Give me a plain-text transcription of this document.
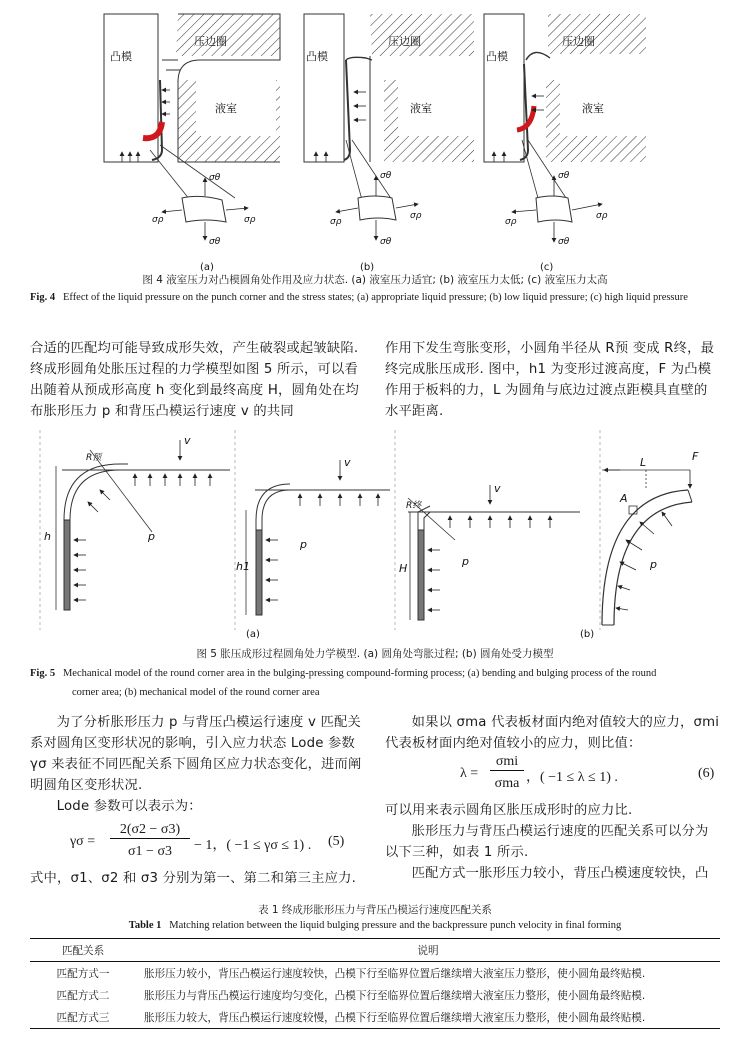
凸模
压边圈
液室
(a)
凸模
压边圈
液室
(b)
凸模
压边圈
液室
(c)
σθ
σθ
σρ	σρ
σθ
σθ
σρ
σρ
σθ
σθ
σρ
σρ
图 4 液室压力对凸模圆角处作用及应力状态. (a) 液室压力适宜; (b) 液室压力太低; (c) 液室压力太高
Fig. 4 Effect of the liquid pressure on the punch corner and the stress states; (a) appropriate liquid pressure; (b) low liquid pressure; (c) high liquid pressure
合适的匹配均可能导致成形失效，产生破裂或起皱缺陷. 终成形圆角处胀压过程的力学模型如图 5 所示，可以看出随着从预成形高度 h 变化到最终高度 H，圆角处在均布胀形压力 p 和背压凸模运行速度 v 的共同
作用下发生弯胀变形，小圆角半径从 R预 变成 R终，最终完成胀压成形. 图中，h1 为变形过渡高度，F 为凸模作用于板料的力，L 为圆角与底边过渡点距模具直壁的水平距离.
R预
v
p
h
v
p
h1
R终
v
p
H
L	F
A
p
(a)	(b)
图 5 胀压成形过程圆角处力学模型. (a) 圆角处弯胀过程; (b) 圆角处受力模型
Fig. 5 Mechanical model of the round corner area in the bulging-pressing compound-forming process; (a) bending and bulging process of the round
corner area; (b) mechanical model of the round corner area

为了分析胀形压力 p 与背压凸模运行速度 v 匹配关系对圆角区变形状况的影响，引入应力状态 Lode 参数 γσ 来表征不同匹配关系下圆角区应力状态变化，进而阐明圆角区变形状况.

Lode 参数可以表示为：

γσ =
2(σ2 − σ3)
σ1 − σ3	− 1，( −1 ≤ γσ ≤ 1) . (5)
式中，σ1、σ2 和 σ3 分别为第一、第二和第三主应力.

如果以 σma 代表板材面内绝对值较大的应力，σmi 代表板材面内绝对值较小的应力，则比值：

λ =
σmi
σma ，( −1 ≤ λ ≤ 1) .	(6)

可以用来表示圆角区胀压成形时的应力比.

胀形压力与背压凸模运行速度的匹配关系可以分为以下三种，如表 1 所示.

匹配方式一胀形压力较小，背压凸模速度较快，凸

表 1 终成形胀形压力与背压凸模运行速度匹配关系
Table 1 Matching relation between the liquid bulging pressure and the backpressure punch velocity in final forming
匹配关系	说明
匹配方式一	胀形压力较小，背压凸模运行速度较快，凸模下行至临界位置后继续增大液室压力整形，使小圆角最终贴模.
匹配方式二	胀形压力与背压凸模运行速度均匀变化，凸模下行至临界位置后继续增大液室压力整形，使小圆角最终贴模.
匹配方式三	胀形压力较大，背压凸模运行速度较慢，凸模下行至临界位置后继续增大液室压力整形，使小圆角最终贴模.
